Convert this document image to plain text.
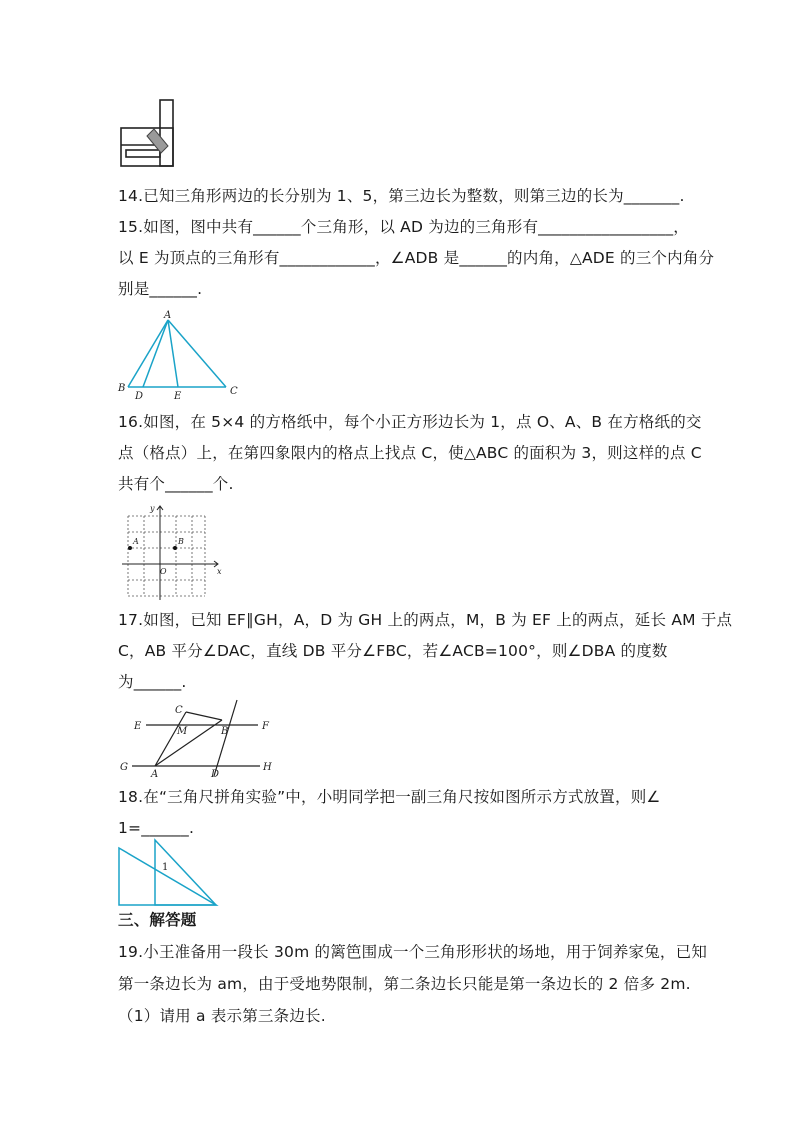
14.已知三角形两边的长分别为 1、5，第三边长为整数，则第三边的长为_______.
15.如图，图中共有______个三角形，以 AD 为边的三角形有_________________，
以 E 为顶点的三角形有____________，∠ADB 是______的内角，△ADE 的三个内角分
别是______.
A
B
D	E	C
16.如图，在 5×4 的方格纸中，每个小正方形边长为 1，点 O、A、B 在方格纸的交
点（格点）上，在第四象限内的格点上找点 C，使△ABC 的面积为 3，则这样的点 C
共有个______个.
y
x
A	B
O
17.如图，已知 EF∥GH，A，D 为 GH 上的两点，M，B 为 EF 上的两点，延长 AM 于点
C，AB 平分∠DAC，直线 DB 平分∠FBC，若∠ACB=100°，则∠DBA 的度数
为______.
E	F
G	H
C
M	B
A	D
18.在“三角尺拼角实验”中，小明同学把一副三角尺按如图所示方式放置，则∠
1=______.
1
三、解答题
19.小王准备用一段长 30m 的篱笆围成一个三角形形状的场地，用于饲养家兔，已知
第一条边长为 am，由于受地势限制，第二条边长只能是第一条边长的 2 倍多 2m.
（1）请用 a 表示第三条边长.
